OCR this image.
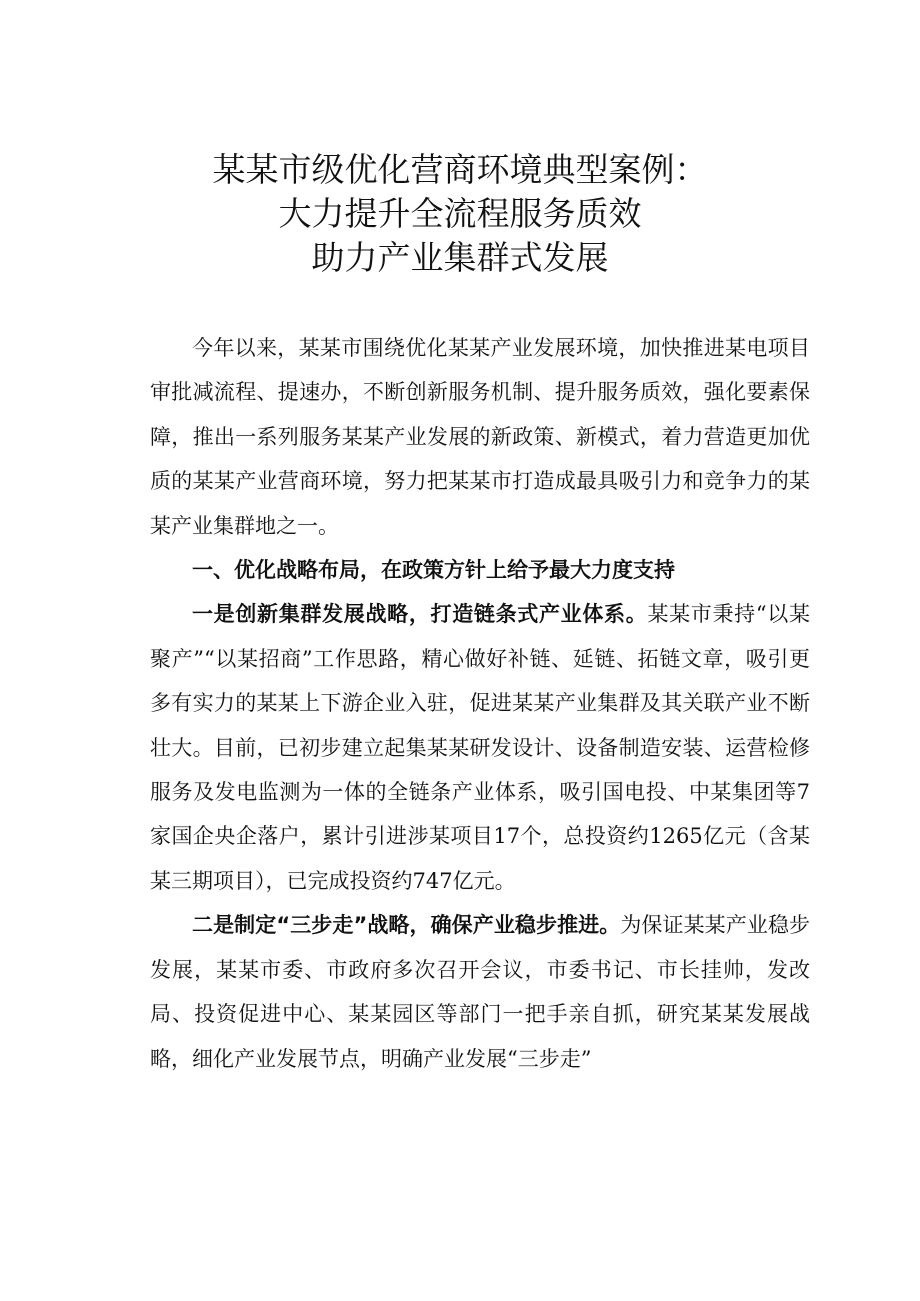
某某市级优化营商环境典型案例：
大力提升全流程服务质效
助力产业集群式发展

今年以来，某某市围绕优化某某产业发展环境，加快推进某电项目审批减流程、提速办，不断创新服务机制、提升服务质效，强化要素保障，推出一系列服务某某产业发展的新政策、新模式，着力营造更加优质的某某产业营商环境，努力把某某市打造成最具吸引力和竞争力的某某产业集群地之一。

一、优化战略布局，在政策方针上给予最大力度支持

一是创新集群发展战略，打造链条式产业体系。某某市秉持“以某聚产”“以某招商”工作思路，精心做好补链、延链、拓链文章，吸引更多有实力的某某上下游企业入驻，促进某某产业集群及其关联产业不断壮大。目前，已初步建立起集某某研发设计、设备制造安装、运营检修服务及发电监测为一体的全链条产业体系，吸引国电投、中某集团等7家国企央企落户，累计引进涉某项目17个，总投资约1265亿元（含某某三期项目），已完成投资约747亿元。

二是制定“三步走”战略，确保产业稳步推进。为保证某某产业稳步发展，某某市委、市政府多次召开会议，市委书记、市长挂帅，发改局、投资促进中心、某某园区等部门一把手亲自抓，研究某某发展战略，细化产业发展节点，明确产业发展“三步走”
